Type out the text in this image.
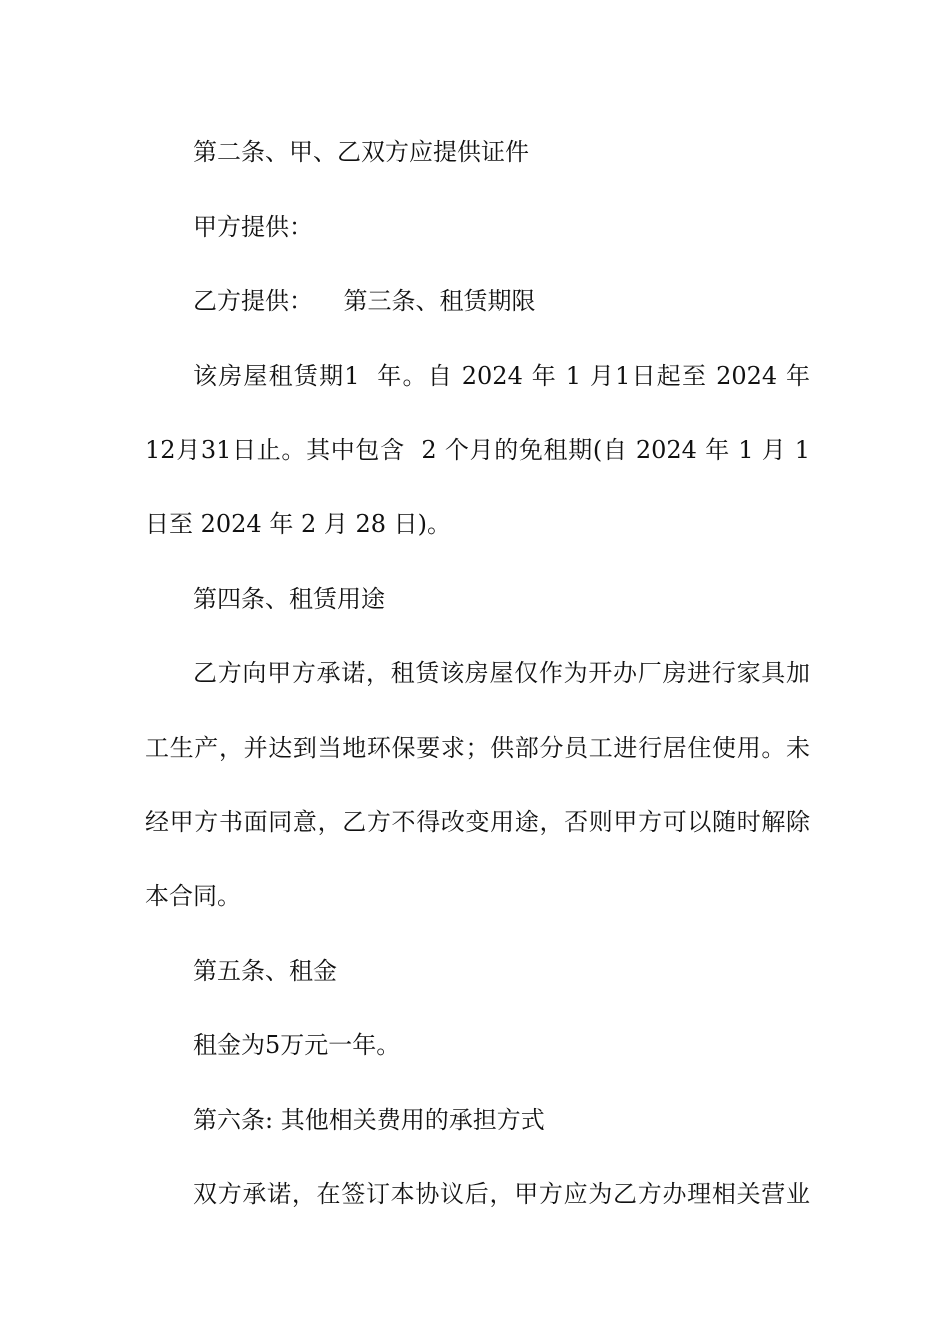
第二条、甲、乙双方应提供证件
甲方提供：
乙方提供：    第三条、租赁期限
该房屋租赁期1  年。自 2024 年 1 月1日起至 2024 年
12月31日止。其中包含  2 个月的免租期(自 2024 年 1 月 1
日至 2024 年 2 月 28 日)。
第四条、租赁用途
乙方向甲方承诺，租赁该房屋仅作为开办厂房进行家具加
工生产，并达到当地环保要求；供部分员工进行居住使用。未
经甲方书面同意，乙方不得改变用途，否则甲方可以随时解除
本合同。
第五条、租金
租金为5万元一年。
第六条: 其他相关费用的承担方式
双方承诺，在签订本协议后，甲方应为乙方办理相关营业
